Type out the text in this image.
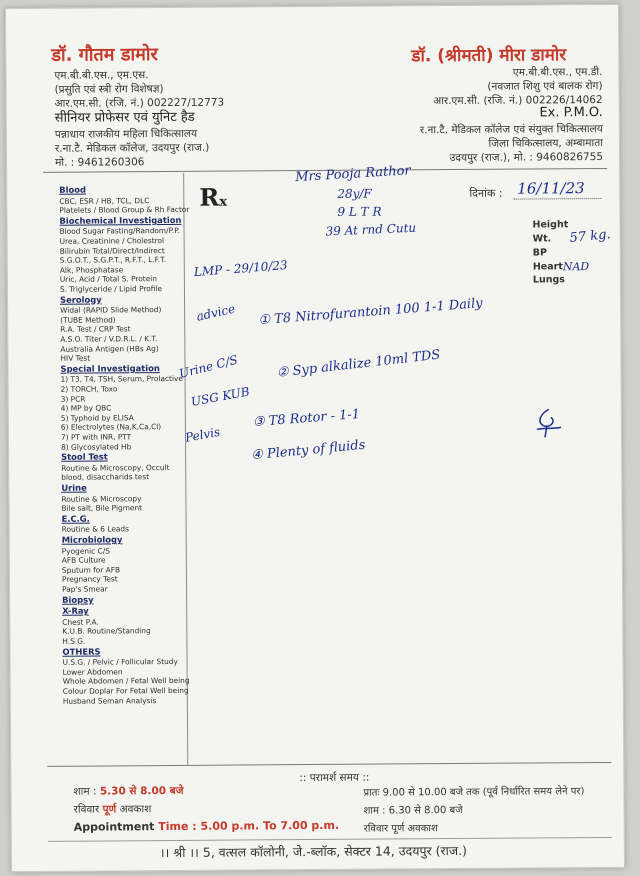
डॉ. गौतम डामोर
एम.बी.बी.एस., एम.एस.
(प्रसुति एवं स्त्री रोग विशेषज्ञ)
आर.एम.सी. (रजि. नं.) 002227/12773
सीनियर प्रोफेसर एवं युनिट हैड
पन्नाधाय राजकीय महिला चिकित्सालय
र.ना.टै. मेडिकल कॉलेज, उदयपुर (राज.)
मो. : 9461260306
डॉ. (श्रीमती) मीरा डामोर
एम.बी.बी.एस., एम.डी.
(नवजात शिशु एवं बालक रोग)
आर.एम.सी. (रजि. नं.) 002226/14062
Ex. P.M.O.
र.ना.टै. मेडिकल कॉलेज एवं संयुक्त चिकित्सालय
जिला चिकित्सालय, अम्बामाता
उदयपुर (राज.), मो. : 9460826755
Blood
CBC, ESR / HB, TCL, DLC
Platelets / Blood Group & Rh Factor
Biochemical Investigation
Blood Sugar Fasting/Random/P.P.
Urea, Creatinine / Cholestrol
Bilirubin Total/Direct/Indirect
S.G.O.T., S.G.P.T., R.F.T., L.F.T.
Alk, Phosphatase
Uric, Acid / Total S. Protein
S. Triglyceride / Lipid Profile
Serology
Widal (RAPID Slide Method)
(TUBE Method)
R.A. Test / CRP Test
A.S.O. Titer / V.D.R.L. / K.T.
Australia Antigen (HBs Ag)
HIV Test
Special Investigation
1) T3, T4, TSH, Serum, Prolactive
2) TORCH, Toxo
3) PCR
4) MP by QBC
5) Typhoid by ELISA
6) Electrolytes (Na,K,Ca,Cl)
7) PT with INR, PTT
8) Glycosylated Hb
Stool Test
Routine & Microscopy, Occult
blood, disaccharids test
Urine
Routine & Microscopy
Bile salt, Bile Pigment
E.C.G.
Routine & 6 Leads
Microbiology
Pyogenic C/S
AFB Culture
Sputum for AFB
Pregnancy Test
Pap's Smear
Biopsy
X-Ray
Chest P.A.
K.U.B. Routine/Standing
H.S.G.
OTHERS
U.S.G. / Pelvic / Follicular Study
Lower Abdomen
Whole Abdomen / Fetal Well being
Colour Doplar For Fetal Well being
Husband Seman Analysis
Rx
दिनांक :
Height
Wt.
BP
Heart
Lungs
Mrs Pooja Rathor
28y/F
9 L T R
39 At rnd Cutu
16/11/23
57 kg.
NAD
LMP - 29/10/23
advice ① T8 Nitrofurantoin 100 1-1 Daily
Urine C/S	② Syp alkalize 10ml TDS
USG KUB
Pelvis
③ T8 Rotor - 1-1
④ Plenty of fluids
:: परामर्श समय ::
शाम : 5.30 से 8.00 बजे
रविवार पूर्ण अवकाश
Appointment Time : 5.00 p.m. To 7.00 p.m.
प्रातः 9.00 से 10.00 बजे तक (पूर्व निर्धारित समय लेने पर)
शाम : 6.30 से 8.00 बजे
रविवार पूर्ण अवकाश
।। श्री ।। 5, वत्सल कॉलोनी, जे.-ब्लॉक, सेक्टर 14, उदयपुर (राज.)
